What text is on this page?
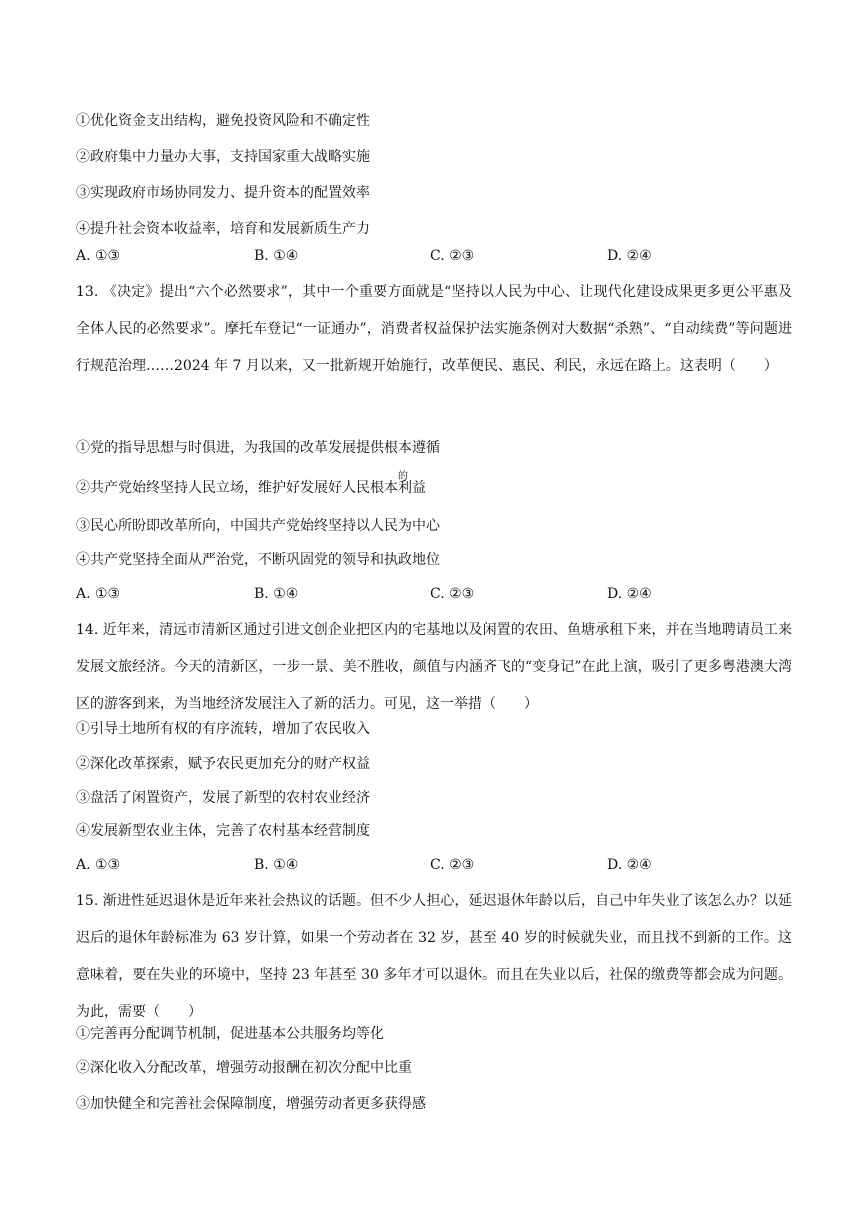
①优化资金支出结构，避免投资风险和不确定性
②政府集中力量办大事，支持国家重大战略实施
③实现政府市场协同发力、提升资本的配置效率
④提升社会资本收益率，培育和发展新质生产力
A. ①③	B. ①④	C. ②③	D. ②④
13. 《决定》提出“六个必然要求”，其中一个重要方面就是“坚持以人民为中心、让现代化建设成果更多更公平惠及全体人民的必然要求”。摩托车登记“一证通办”，消费者权益保护法实施条例对大数据“杀熟”、“自动续费”等问题进行规范治理……2024 年 7 月以来，又一批新规开始施行，改革便民、惠民、利民，永远在路上。这表明（　　）
①党的指导思想与时俱进，为我国的改革发展提供根本遵循
②共产党始终坚持人民立场，维护好发展好人民根本利益
的
③民心所盼即改革所向，中国共产党始终坚持以人民为中心
④共产党坚持全面从严治党，不断巩固党的领导和执政地位
A. ①③	B. ①④	C. ②③	D. ②④
14. 近年来，清远市清新区通过引进文创企业把区内的宅基地以及闲置的农田、鱼塘承租下来，并在当地聘请员工来发展文旅经济。今天的清新区，一步一景、美不胜收，颜值与内涵齐飞的“变身记”在此上演，吸引了更多粤港澳大湾区的游客到来，为当地经济发展注入了新的活力。可见，这一举措（　　）
①引导土地所有权的有序流转，增加了农民收入
②深化改革探索，赋予农民更加充分的财产权益
③盘活了闲置资产，发展了新型的农村农业经济
④发展新型农业主体，完善了农村基本经营制度
A. ①③	B. ①④	C. ②③	D. ②④
15. 渐进性延迟退休是近年来社会热议的话题。但不少人担心，延迟退休年龄以后，自己中年失业了该怎么办？以延迟后的退休年龄标准为 63 岁计算，如果一个劳动者在 32 岁，甚至 40 岁的时候就失业，而且找不到新的工作。这意味着，要在失业的环境中，坚持 23 年甚至 30 多年才可以退休。而且在失业以后，社保的缴费等都会成为问题。为此，需要（　　）
①完善再分配调节机制，促进基本公共服务均等化
②深化收入分配改革，增强劳动报酬在初次分配中比重
③加快健全和完善社会保障制度，增强劳动者更多获得感
